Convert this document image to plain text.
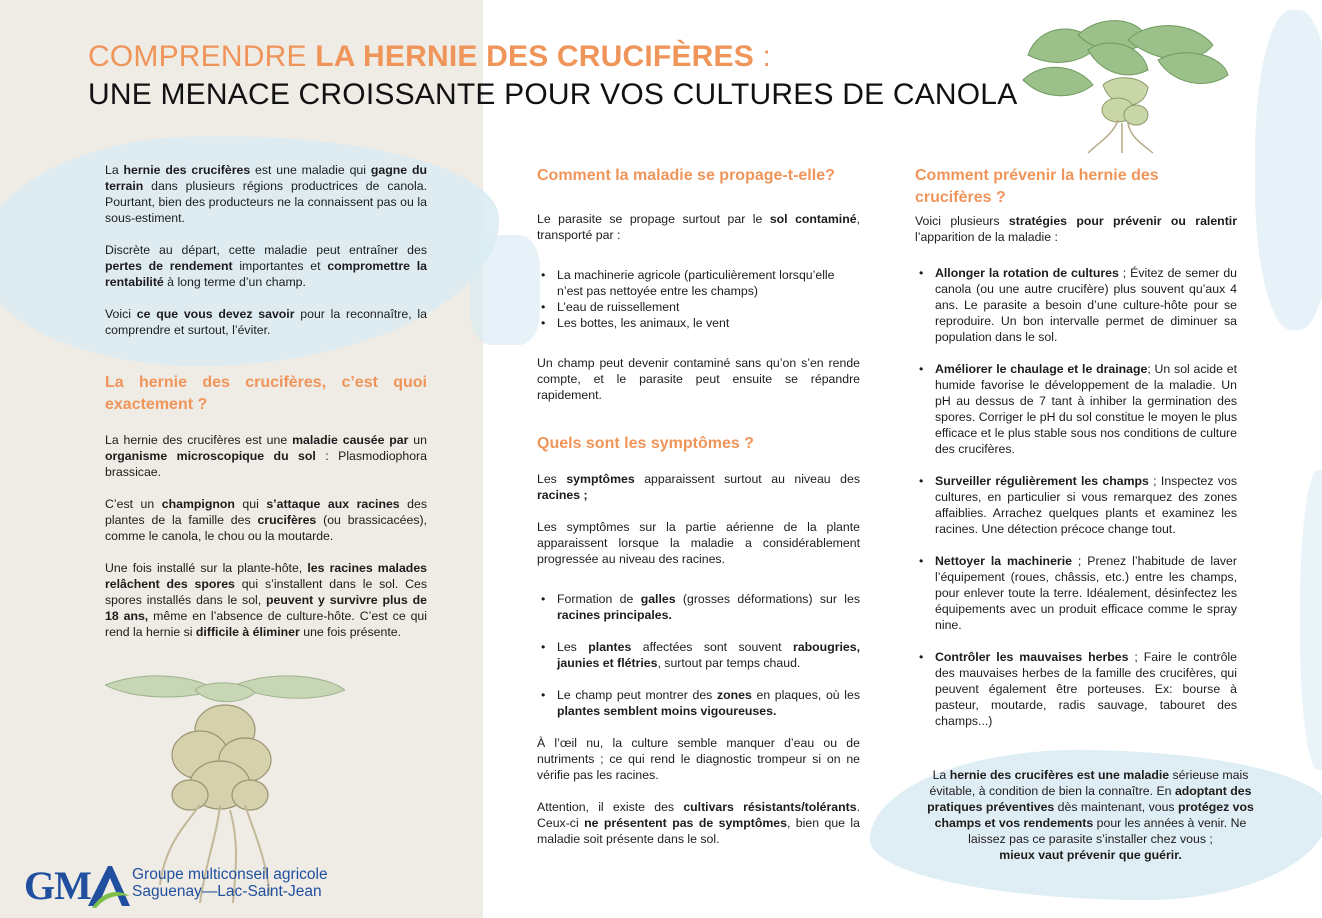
COMPRENDRE LA HERNIE DES CRUCIFÈRES :
UNE MENACE CROISSANTE POUR VOS CULTURES DE CANOLA

La hernie des crucifères est une maladie qui gagne du terrain dans plusieurs régions productrices de canola. Pourtant, bien des producteurs ne la connaissent pas ou la sous-estiment.

Discrète au départ, cette maladie peut entraîner des pertes de rendement importantes et compromettre la rentabilité à long terme d’un champ.

Voici ce que vous devez savoir pour la reconnaître, la comprendre et surtout, l’éviter.

La hernie des crucifères, c’est quoi exactement ?

La hernie des crucifères est une maladie causée par un organisme microscopique du sol : Plasmodiophora brassicae.

C’est un champignon qui s’attaque aux racines des plantes de la famille des crucifères (ou brassicacées), comme le canola, le chou ou la moutarde.

Une fois installé sur la plante-hôte, les racines malades relâchent des spores qui s’installent dans le sol. Ces spores installés dans le sol, peuvent y survivre plus de 18 ans, même en l’absence de culture-hôte. C’est ce qui rend la hernie si difficile à éliminer une fois présente.

Comment la maladie se propage-t-elle?

Le parasite se propage surtout par le sol contaminé, transporté par :

• La machinerie agricole (particulièrement lorsqu’elle n’est pas nettoyée entre les champs)
• L’eau de ruissellement
• Les bottes, les animaux, le vent

Un champ peut devenir contaminé sans qu’on s’en rende compte, et le parasite peut ensuite se répandre rapidement.

Quels sont les symptômes ?

Les symptômes apparaissent surtout au niveau des racines ;

Les symptômes sur la partie aérienne de la plante apparaissent lorsque la maladie a considérablement progressée au niveau des racines.

• Formation de galles (grosses déformations) sur les racines principales.
• Les plantes affectées sont souvent rabougries, jaunies et flétries, surtout par temps chaud.
• Le champ peut montrer des zones en plaques, où les plantes semblent moins vigoureuses.

À l’œil nu, la culture semble manquer d’eau ou de nutriments ; ce qui rend le diagnostic trompeur si on ne vérifie pas les racines.

Attention, il existe des cultivars résistants/tolérants. Ceux-ci ne présentent pas de symptômes, bien que la maladie soit présente dans le sol.

Comment prévenir la hernie des crucifères ?

Voici plusieurs stratégies pour prévenir ou ralentir l’apparition de la maladie :

• Allonger la rotation de cultures ; Évitez de semer du canola (ou une autre crucifère) plus souvent qu’aux 4 ans. Le parasite a besoin d’une culture-hôte pour se reproduire. Un bon intervalle permet de diminuer sa population dans le sol.
• Améliorer le chaulage et le drainage; Un sol acide et humide favorise le développement de la maladie. Un pH au dessus de 7 tant à inhiber la germination des spores. Corriger le pH du sol constitue le moyen le plus efficace et le plus stable sous nos conditions de culture des crucifères.
• Surveiller régulièrement les champs ; Inspectez vos cultures, en particulier si vous remarquez des zones affaiblies. Arrachez quelques plants et examinez les racines. Une détection précoce change tout.
• Nettoyer la machinerie ; Prenez l’habitude de laver l’équipement (roues, châssis, etc.) entre les champs, pour enlever toute la terre. Idéalement, désinfectez les équipements avec un produit efficace comme le spray nine.
• Contrôler les mauvaises herbes ; Faire le contrôle des mauvaises herbes de la famille des crucifères, qui peuvent également être porteuses. Ex: bourse à pasteur, moutarde, radis sauvage, tabouret des champs...)
La hernie des crucifères est une maladie sérieuse mais évitable, à condition de bien la connaître. En adoptant des pratiques préventives dès maintenant, vous protégez vos champs et vos rendements pour les années à venir. Ne laissez pas ce parasite s’installer chez vous ;
mieux vaut prévenir que guérir.
GM	Groupe multiconseil agricole
Saguenay—Lac-Saint-Jean
